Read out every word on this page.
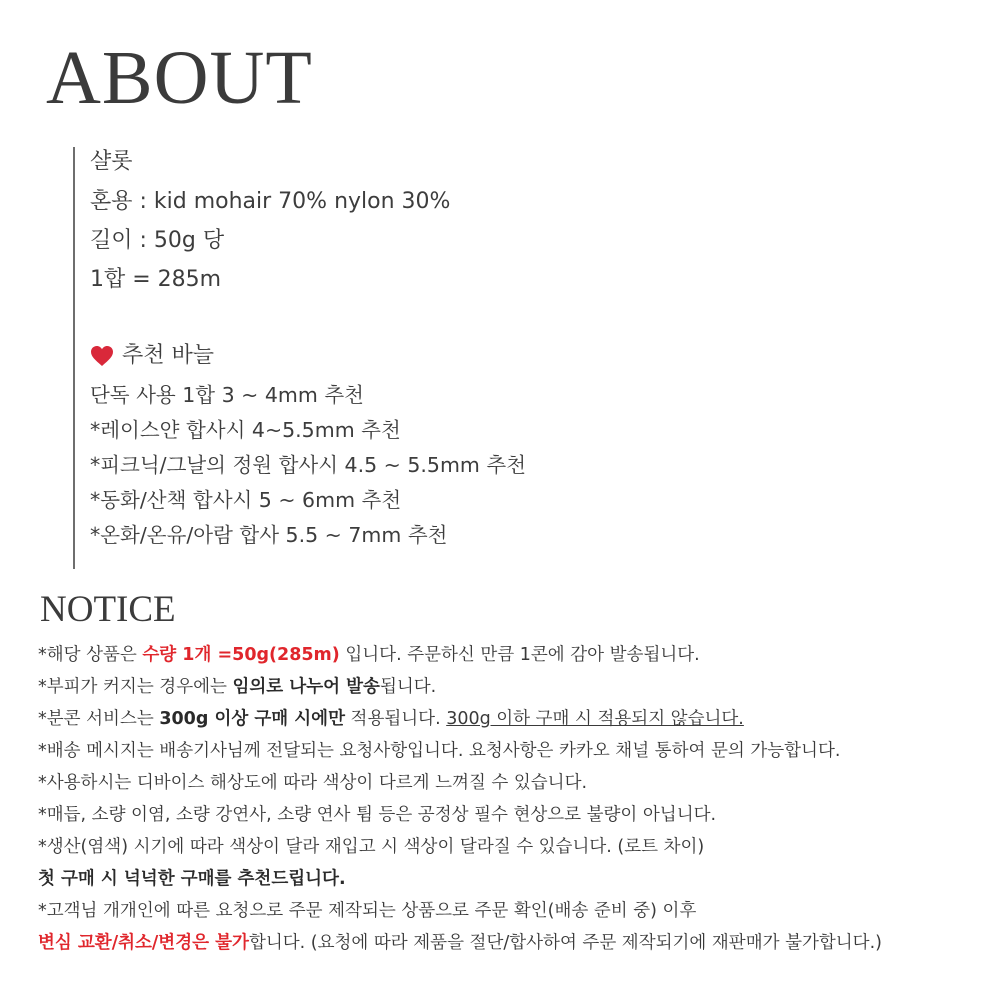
ABOUT
샬롯
혼용 : kid mohair 70% nylon 30%
길이 : 50g 당
1합 = 285m
추천 바늘
단독 사용 1합 3 ~ 4mm 추천
*레이스얀 합사시 4~5.5mm 추천
*피크닉/그날의 정원 합사시 4.5 ~ 5.5mm 추천
*동화/산책 합사시 5 ~ 6mm 추천
*온화/온유/아람 합사 5.5 ~ 7mm 추천
NOTICE
*해당 상품은 수량 1개 =50g(285m) 입니다. 주문하신 만큼 1콘에 감아 발송됩니다.
*부피가 커지는 경우에는 임의로 나누어 발송됩니다.
*분콘 서비스는 300g 이상 구매 시에만 적용됩니다. 300g 이하 구매 시 적용되지 않습니다.
*배송 메시지는 배송기사님께 전달되는 요청사항입니다. 요청사항은 카카오 채널 통하여 문의 가능합니다.
*사용하시는 디바이스 해상도에 따라 색상이 다르게 느껴질 수 있습니다.
*매듭, 소량 이염, 소량 강연사, 소량 연사 튐 등은 공정상 필수 현상으로 불량이 아닙니다.
*생산(염색) 시기에 따라 색상이 달라 재입고 시 색상이 달라질 수 있습니다. (로트 차이)
첫 구매 시 넉넉한 구매를 추천드립니다.
*고객님 개개인에 따른 요청으로 주문 제작되는 상품으로 주문 확인(배송 준비 중) 이후
변심 교환/취소/변경은 불가합니다. (요청에 따라 제품을 절단/합사하여 주문 제작되기에 재판매가 불가합니다.)
